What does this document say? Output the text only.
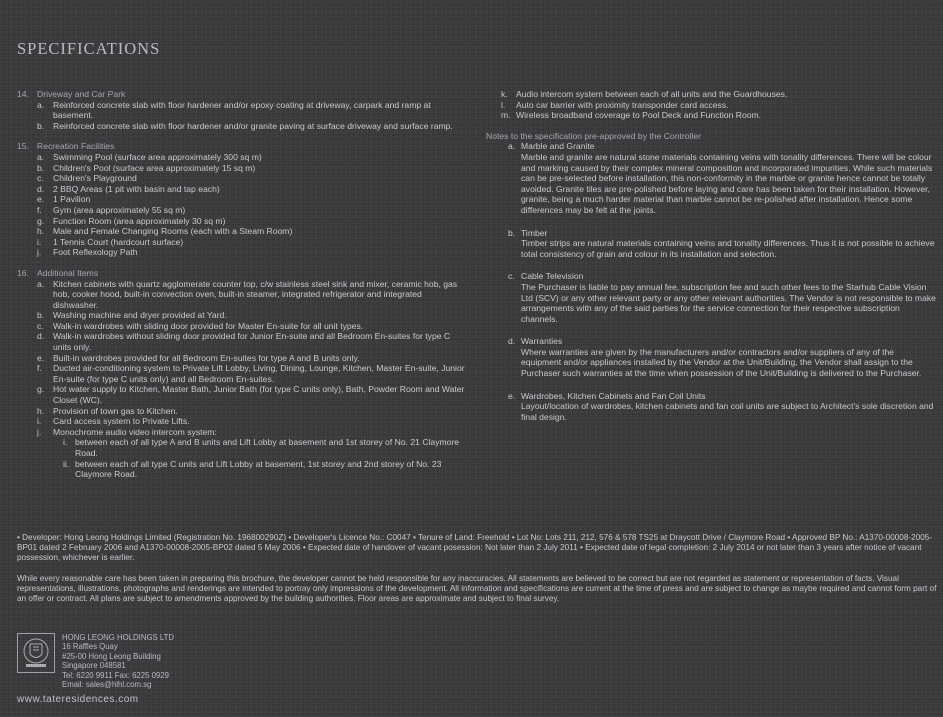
SPECIFICATIONS
14. Driveway and Car Park
a.	Reinforced concrete slab with floor hardener and/or epoxy coating at driveway, carpark and ramp at basement.
b.	Reinforced concrete slab with floor hardener and/or granite paving at surface driveway and surface ramp.
15. Recreation Facilities
a.	Swimming Pool (surface area approximately 300 sq m)
b.	Children's Pool (surface area approximately 15 sq m)
c.	Children's Playground
d.	2 BBQ Areas (1 pit with basin and tap each)
e.	1 Pavilion
f.	Gym (area approximately 55 sq m)
g.	Function Room (area approximately 30 sq m)
h.	Male and Female Changing Rooms (each with a Steam Room)
i.	1 Tennis Court (hardcourt surface)
j.	Foot Reflexology Path
16. Additional Items
a.	Kitchen cabinets with quartz agglomerate counter top, c/w stainless steel sink and mixer, ceramic hob, gas hob, cooker hood, built-in convection oven, built-in steamer, integrated refrigerator and integrated dishwasher.
b.	Washing machine and dryer provided at Yard.
c.	Walk-in wardrobes with sliding door provided for Master En-suite for all unit types.
d.	Walk-in wardrobes without sliding door provided for Junior En-suite and all Bedroom En-suites for type C units only.
e.	Built-in wardrobes provided for all Bedroom En-suites for type A and B units only.
f.	Ducted air-conditioning system to Private Lift Lobby, Living, Dining, Lounge, Kitchen, Master En-suite, Junior En-suite (for type C units only) and all Bedroom En-suites.
g.	Hot water supply to Kitchen, Master Bath, Junior Bath (for type C units only), Bath, Powder Room and Water Closet (WC).
h.	Provision of town gas to Kitchen.
i.	Card access system to Private Lifts.
j.	Monochrome audio video intercom system:
i. between each of all type A and B units and Lift Lobby at basement and 1st storey of No. 21 Claymore Road.
ii. between each of all type C units and Lift Lobby at basement, 1st storey and 2nd storey of No. 23 Claymore Road.
k. Audio intercom system between each of all units and the Guardhouses.
l.	Auto car barrier with proximity transponder card access.
m. Wireless broadband coverage to Pool Deck and Function Room.
Notes to the specification pre-approved by the Controller
a. Marble and Granite
Marble and granite are natural stone materials containing veins with tonality differences. There will be colour and marking caused by their complex mineral composition and incorporated impurities. While such materials can be pre-selected before installation, this non-conformity in the marble or granite hence cannot be totally avoided. Granite tiles are pre-polished before laying and care has been taken for their installation. However, granite, being a much harder material than marble cannot be re-polished after installation. Hence some differences may be felt at the joints.
b. Timber
Timber strips are natural materials containing veins and tonality differences. Thus it is not possible to achieve total consistency of grain and colour in its installation and selection.
c. Cable Television
The Purchaser is liable to pay annual fee, subscription fee and such other fees to the Starhub Cable Vision Ltd (SCV) or any other relevant party or any other relevant authorities. The Vendor is not responsible to make arrangements with any of the said parties for the service connection for their respective subscription channels.
d. Warranties
Where warranties are given by the manufacturers and/or contractors and/or suppliers of any of the equipment and/or appliances installed by the Vendor at the Unit/Building, the Vendor shall assign to the Purchaser such warranties at the time when possession of the Unit/Building is delivered to the Purchaser.
e. Wardrobes, Kitchen Cabinets and Fan Coil Units
Layout/location of wardrobes, kitchen cabinets and fan coil units are subject to Architect's sole discretion and final design.
• Developer: Hong Leong Holdings Limited (Registration No. 196800290Z) • Developer's Licence No.: C0047 • Tenure of Land: Freehold • Lot No: Lots 211, 212, 576 & 578 TS25 at Draycott Drive / Claymore Road • Approved BP No.: A1370-00008-2005-BP01 dated 2 February 2006 and A1370-00008-2005-BP02 dated 5 May 2006 • Expected date of handover of vacant posession: Not later than 2 July 2011 • Expected date of legal completion: 2 July 2014 or not later than 3 years after notice of vacant possession, whichever is earlier.
While every reasonable care has been taken in preparing this brochure, the developer cannot be held responsible for any inaccuracies. All statements are believed to be correct but are not regarded as statement or representation of facts. Visual representations, illustrations, photographs and renderings are intended to portray only impressions of the development. All information and specifications are current at the time of press and are subject to change as maybe required and cannot form part of an offer or contract. All plans are subject to amendments approved by the building authorities. Floor areas are approximate and subject to final survey.
HONG LEONG HOLDINGS LTD
16 Raffles Quay
#25-00 Hong Leong Building
Singapore 048581
Tel: 6220 9911 Fax: 6225 0929
Email: sales@hlhl.com.sg
www.tateresidences.com
